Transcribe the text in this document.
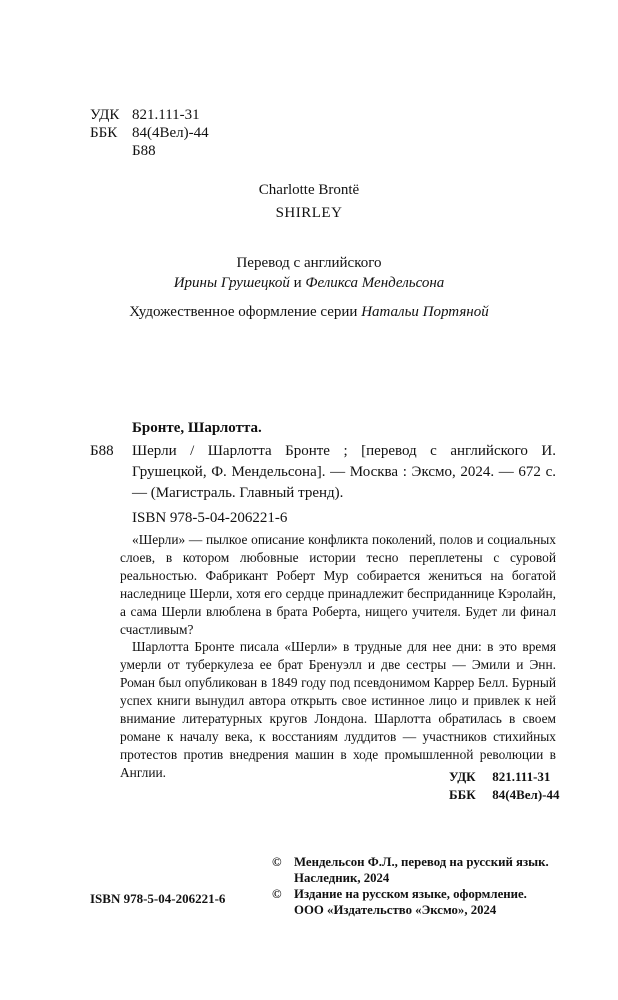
УДК 821.111-31
ББК 84(4Вел)-44
Б88
Charlotte Brontë
SHIRLEY
Перевод с английского
Ирины Грушецкой и Феликса Мендельсона
Художественное оформление серии Натальи Портяной
Бронте, Шарлотта.
Б88 Шерли / Шарлотта Бронте ; [перевод с английского И. Грушецкой, Ф. Мендельсона]. — Москва : Эксмо, 2024. — 672 с. — (Магистраль. Главный тренд).
ISBN 978-5-04-206221-6

«Шерли» — пылкое описание конфликта поколений, полов и социальных слоев, в котором любовные истории тесно переплетены с суровой реальностью. Фабрикант Роберт Мур собирается жениться на богатой наследнице Шерли, хотя его сердце принадлежит бесприданнице Кэролайн, а сама Шерли влюблена в брата Роберта, нищего учителя. Будет ли финал счастливым?

Шарлотта Бронте писала «Шерли» в трудные для нее дни: в это время умерли от туберкулеза ее брат Бренуэлл и две сестры — Эмили и Энн. Роман был опубликован в 1849 году под псевдонимом Каррер Белл. Бурный успех книги вынудил автора открыть свое истинное лицо и привлек к ней внимание литературных кругов Лондона. Шарлотта обратилась в своем романе к началу века, к восстаниям луддитов — участников стихийных протестов против внедрения машин в ходе промышленной революции в Англии.	УДК 821.111-31
ББК 84(4Вел)-44
© Мендельсон Ф.Л., перевод на русский язык.
Наследник, 2024
© Издание на русском языке, оформление.
ООО «Издательство «Эксмо», 2024
ISBN 978-5-04-206221-6
